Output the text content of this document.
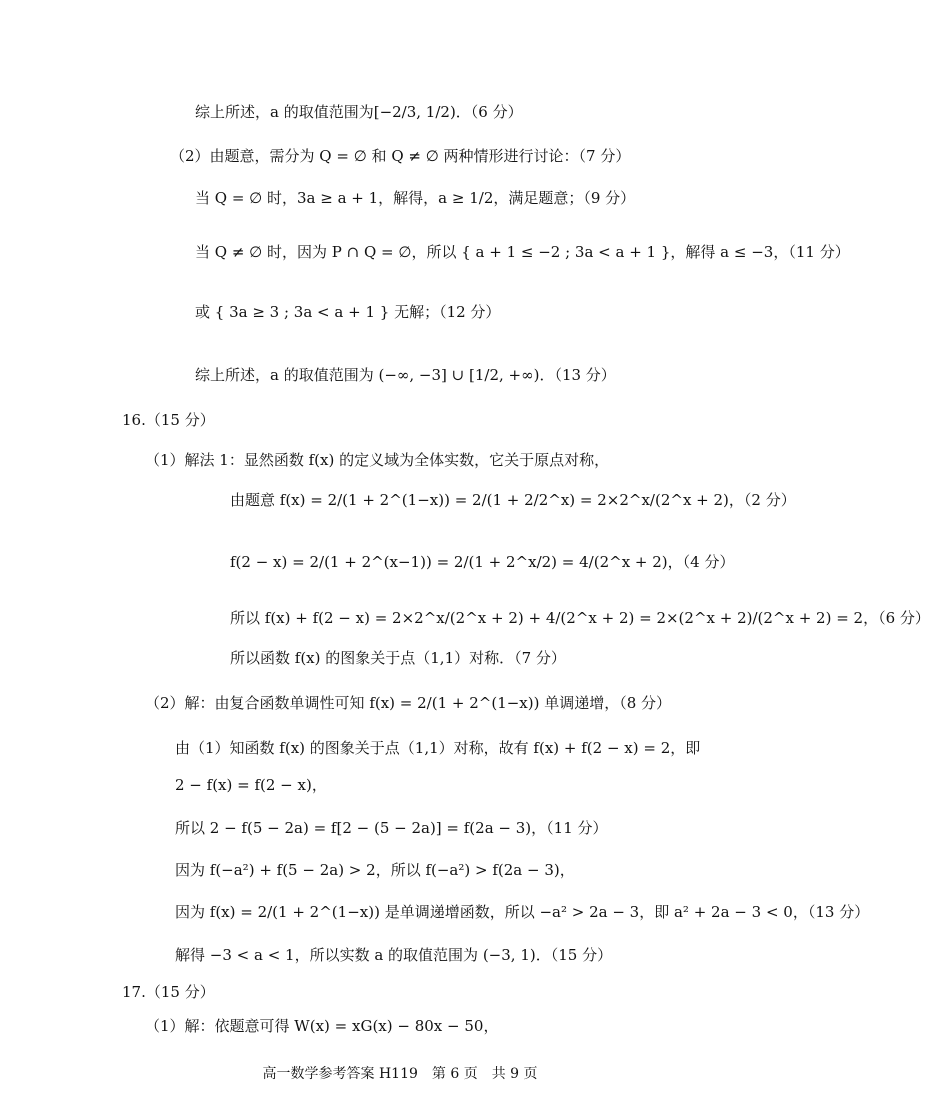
综上所述，a 的取值范围为[−2/3, 1/2)．（6 分）
（2）由题意，需分为 Q = ∅ 和 Q ≠ ∅ 两种情形进行讨论：（7 分）
当 Q = ∅ 时，3a ≥ a + 1，解得，a ≥ 1/2，满足题意；（9 分）
当 Q ≠ ∅ 时，因为 P ∩ Q = ∅，所以 { a + 1 ≤ −2 ; 3a < a + 1 }，解得 a ≤ −3，（11 分）
或 { 3a ≥ 3 ; 3a < a + 1 } 无解；（12 分）
综上所述，a 的取值范围为 (−∞, −3] ∪ [1/2, +∞)．（13 分）
16.（15 分）
（1）解法 1：显然函数 f(x) 的定义域为全体实数，它关于原点对称，
由题意 f(x) = 2/(1 + 2^(1−x)) = 2/(1 + 2/2^x) = 2×2^x/(2^x + 2)，（2 分）
f(2 − x) = 2/(1 + 2^(x−1)) = 2/(1 + 2^x/2) = 4/(2^x + 2)，（4 分）
所以 f(x) + f(2 − x) = 2×2^x/(2^x + 2) + 4/(2^x + 2) = 2×(2^x + 2)/(2^x + 2) = 2，（6 分）
所以函数 f(x) 的图象关于点（1,1）对称．（7 分）
（2）解：由复合函数单调性可知 f(x) = 2/(1 + 2^(1−x)) 单调递增，（8 分）
由（1）知函数 f(x) 的图象关于点（1,1）对称，故有 f(x) + f(2 − x) = 2，即
2 − f(x) = f(2 − x)，
所以 2 − f(5 − 2a) = f[2 − (5 − 2a)] = f(2a − 3)，（11 分）
因为 f(−a²) + f(5 − 2a) > 2，所以 f(−a²) > f(2a − 3)，
因为 f(x) = 2/(1 + 2^(1−x)) 是单调递增函数，所以 −a² > 2a − 3，即 a² + 2a − 3 < 0，（13 分）
解得 −3 < a < 1，所以实数 a 的取值范围为 (−3, 1)．（15 分）
17.（15 分）
（1）解：依题意可得 W(x) = xG(x) − 80x − 50，
高一数学参考答案 H119　第 6 页　共 9 页
